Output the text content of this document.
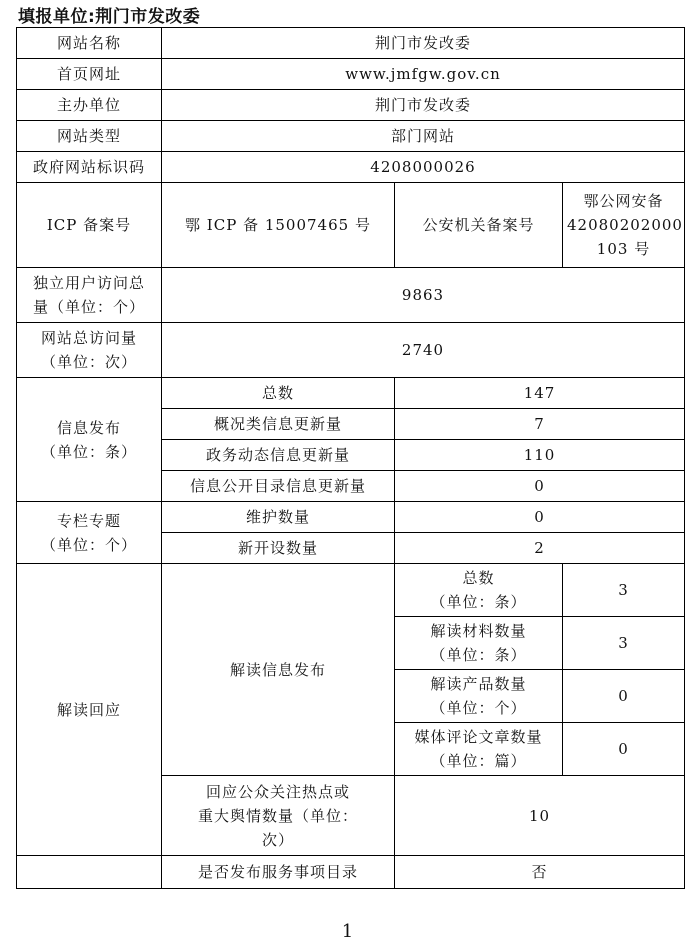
填报单位:荆门市发改委
网站名称	荆门市发改委		
首页网址	www.jmfgw.gov.cn		
主办单位	荆门市发改委		
网站类型	部门网站		
政府网站标识码	4208000026		
ICP 备案号	鄂 ICP 备 15007465 号	公安机关备案号	鄂公网安备
42080202000
103 号

独立用户访问总
量（单位：个）	9863		

网站总访问量
（单位：次）	2740		

信息发布
（单位：条）	总数	147	
	概况类信息更新量	7	
	政务动态信息更新量	110	
	信息公开目录信息更新量	0	

专栏专题
（单位：个）	维护数量	0	
	新开设数量	2	
解读回应	解读信息发布	总数
（单位：条）	3

		解读材料数量
（单位：条）	3

		解读产品数量
（单位：个）	0

		媒体评论文章数量
（单位：篇）	0

	回应公众关注热点或
重大舆情数量（单位：
次）	10	
	是否发布服务事项目录	否	
1
